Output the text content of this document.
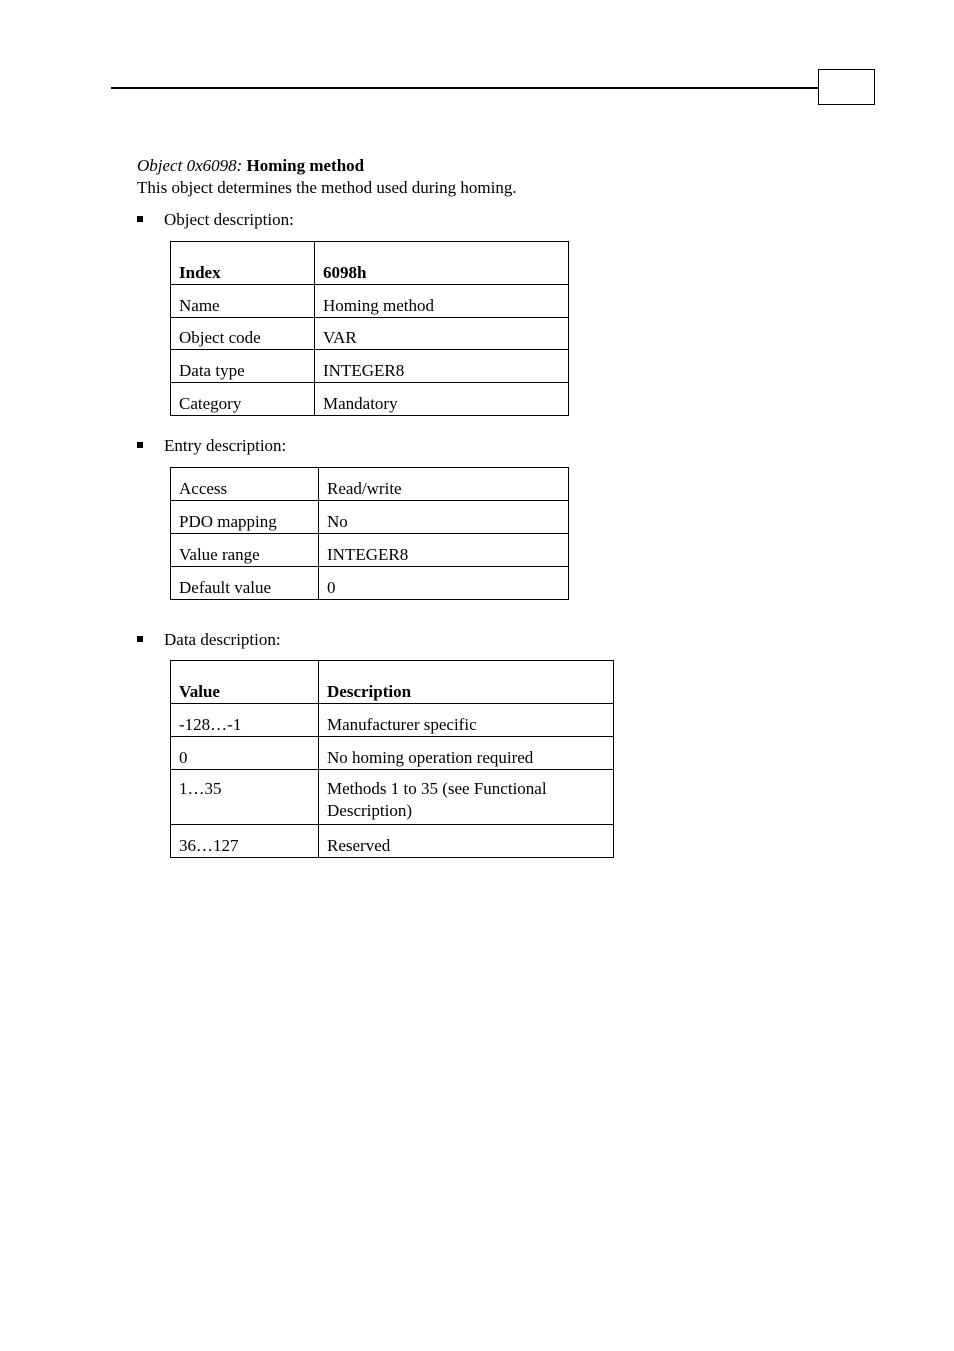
Object 0x6098: Homing method
This object determines the method used during homing.
Object description:
Index	6098h
Name	Homing method
Object code	VAR
Data type	INTEGER8
Category	Mandatory
Entry description:
Access	Read/write
PDO mapping	No
Value range	INTEGER8
Default value	0
Data description:
Value	Description
-128…-1	Manufacturer specific
0	No homing operation required
1…35	Methods 1 to 35 (see Functional Description)
36…127	Reserved
